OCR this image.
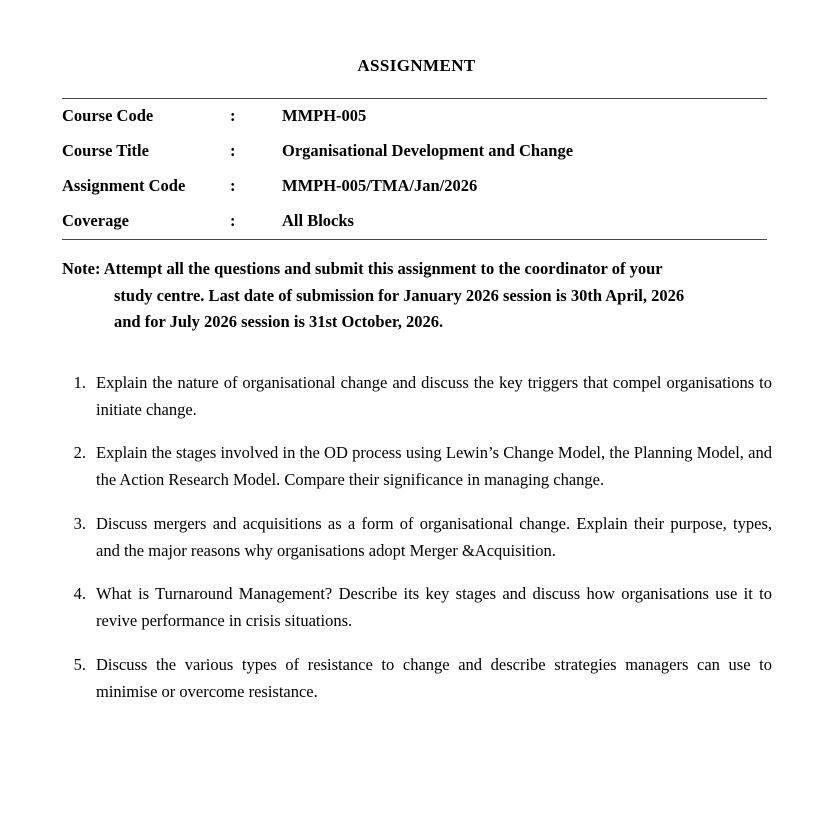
ASSIGNMENT
Course Code	:	MMPH-005
Course Title	:	Organisational Development and Change
Assignment Code	:	MMPH-005/TMA/Jan/2026
Coverage	:	All Blocks
Note: Attempt all the questions and submit this assignment to the coordinator of your
study centre. Last date of submission for January 2026 session is 30th April, 2026
and for July 2026 session is 31st October, 2026.
1. Explain the nature of organisational change and discuss the key triggers that compel organisations to initiate change.
2. Explain the stages involved in the OD process using Lewin’s Change Model, the Planning Model, and the Action Research Model. Compare their significance in managing change.
3. Discuss mergers and acquisitions as a form of organisational change. Explain their purpose, types, and the major reasons why organisations adopt Merger &Acquisition.
4. What is Turnaround Management? Describe its key stages and discuss how organisations use it to revive performance in crisis situations.
5. Discuss the various types of resistance to change and describe strategies managers can use to minimise or overcome resistance.
